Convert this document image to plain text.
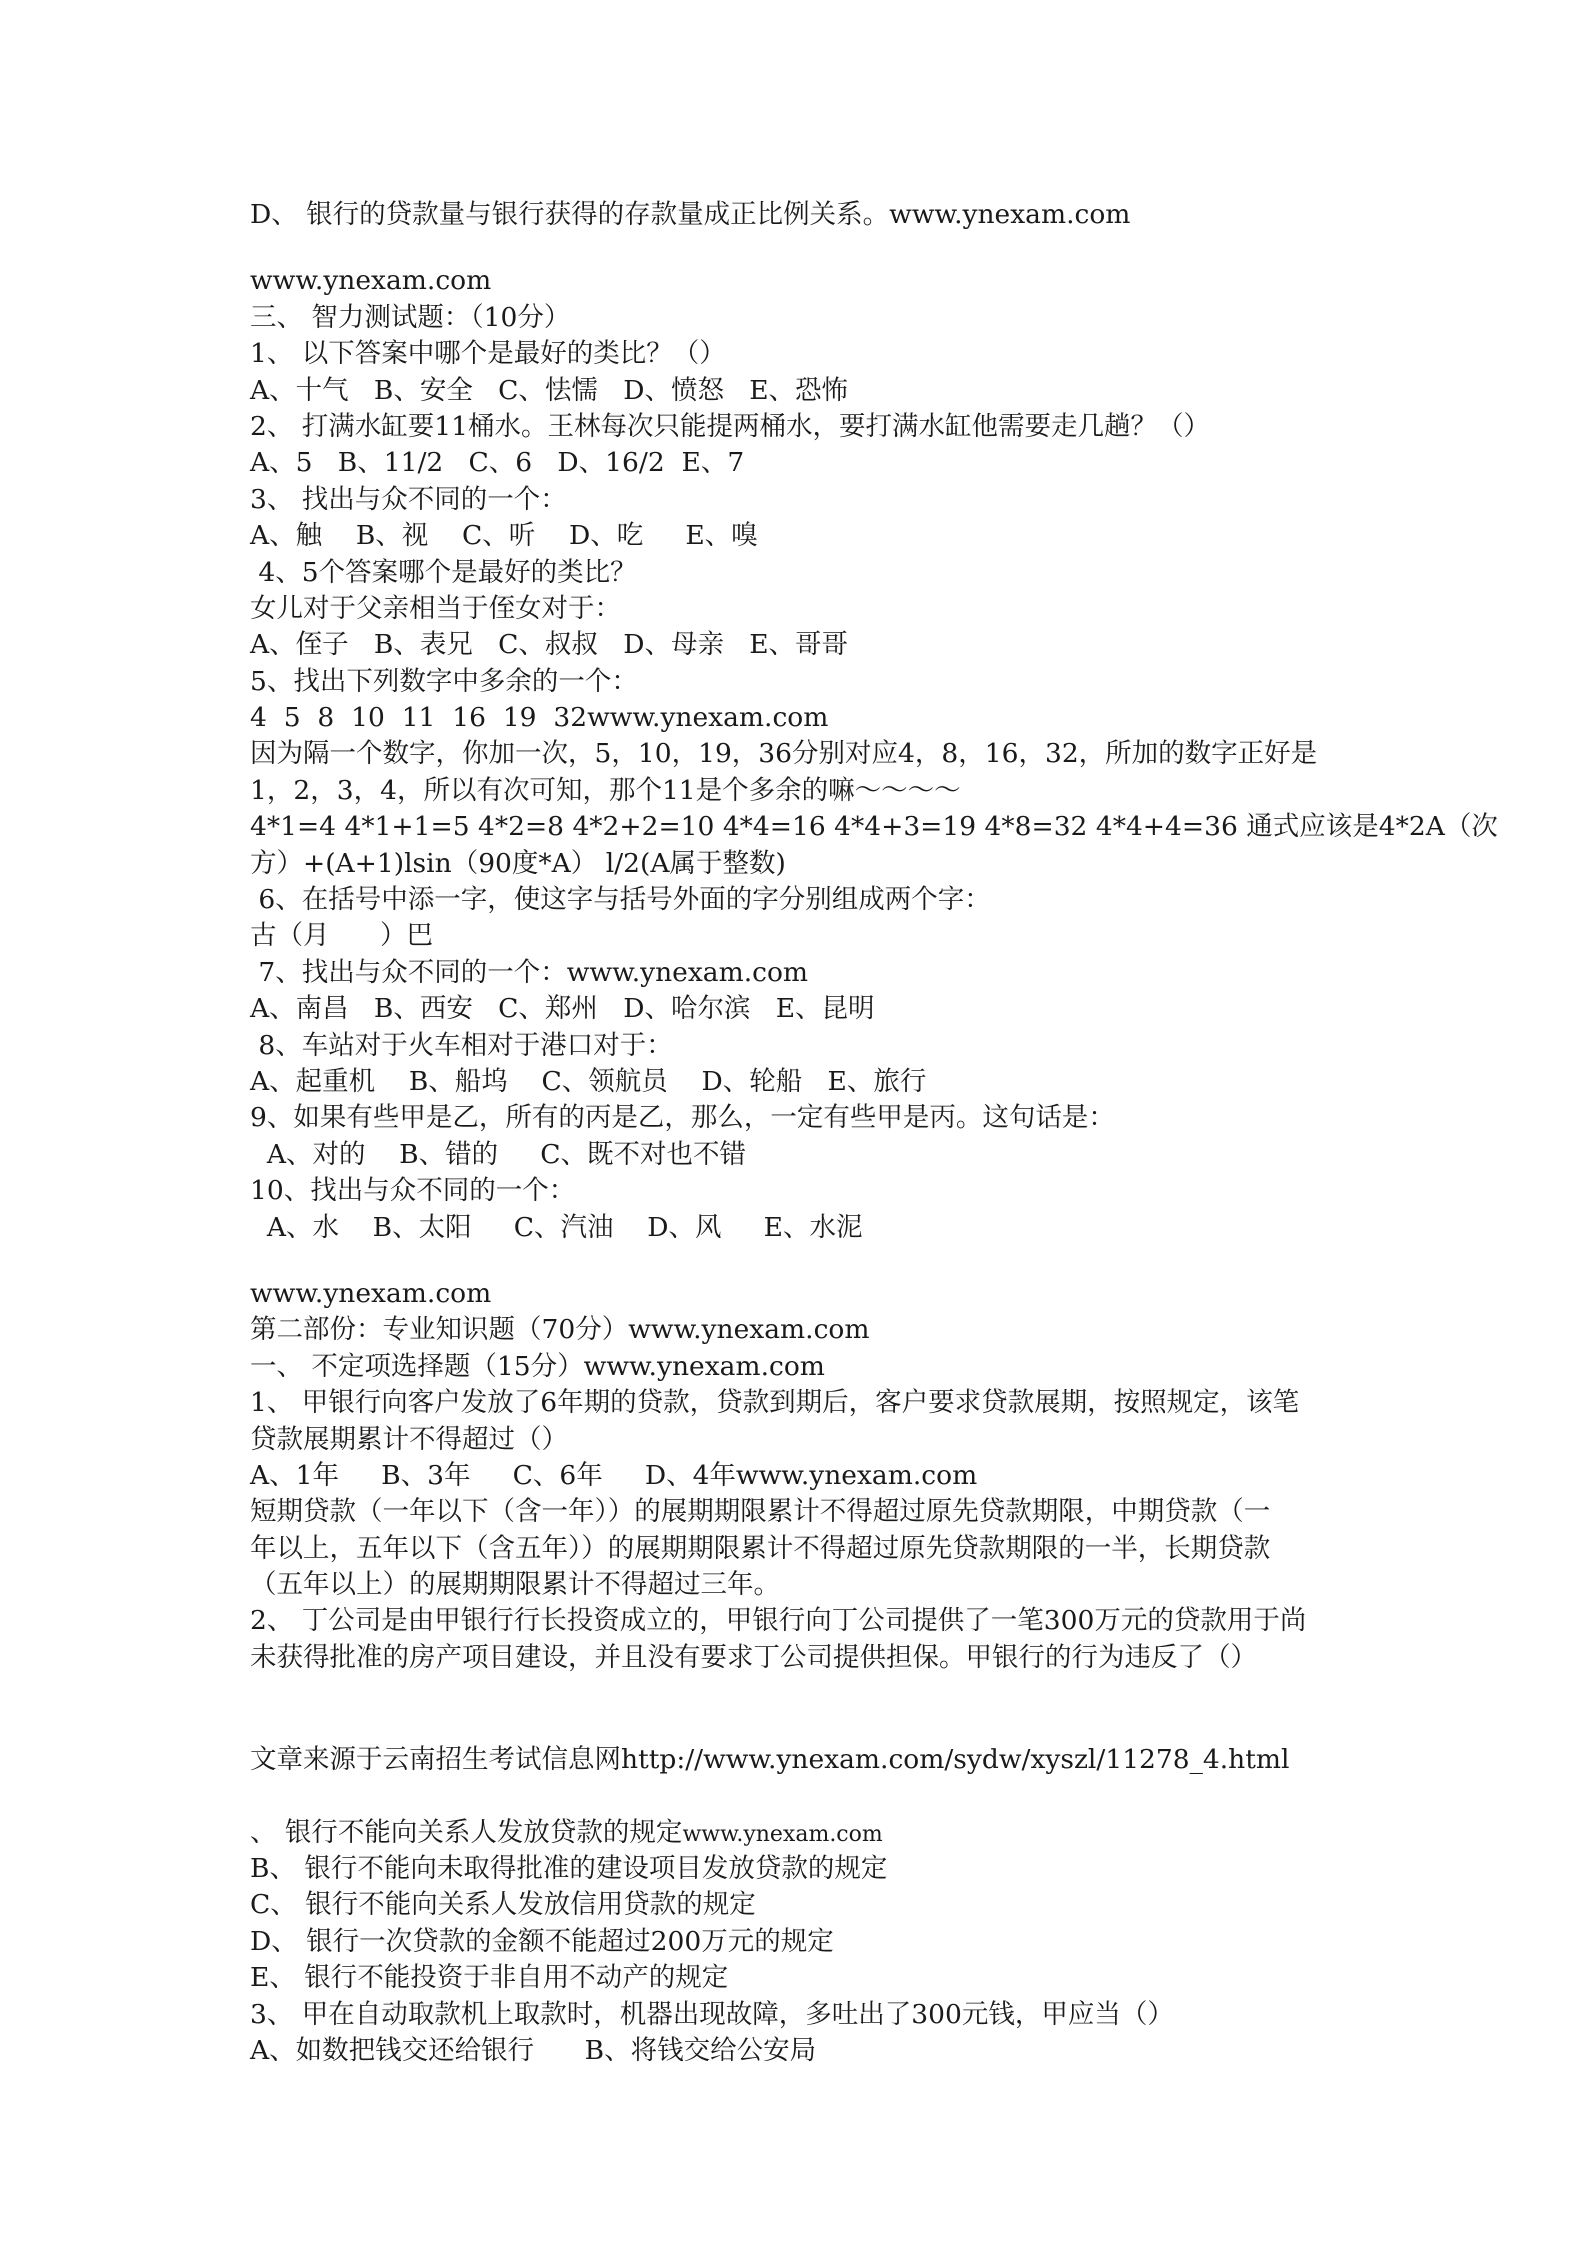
D、 银行的贷款量与银行获得的存款量成正比例关系。www.ynexam.com
www.ynexam.com
三、 智力测试题：（10分）
1、 以下答案中哪个是最好的类比？（）
A、十气   B、安全   C、怯懦   D、愤怒   E、恐怖
2、 打满水缸要11桶水。王林每次只能提两桶水，要打满水缸他需要走几趟？（）
A、5   B、11/2   C、6   D、16/2  E、7
3、 找出与众不同的一个：
A、触    B、视    C、听    D、吃     E、嗅
4、5个答案哪个是最好的类比？
女儿对于父亲相当于侄女对于：
A、侄子   B、表兄   C、叔叔   D、母亲   E、哥哥
5、找出下列数字中多余的一个：
4  5  8  10  11  16  19  32www.ynexam.com
因为隔一个数字，你加一次，5，10，19，36分别对应4，8，16，32，所加的数字正好是
1，2，3，4，所以有次可知，那个11是个多余的嘛～～～～
4*1=4 4*1+1=5 4*2=8 4*2+2=10 4*4=16 4*4+3=19 4*8=32 4*4+4=36 通式应该是4*2A（次
方）+(A+1)lsin（90度*A） l/2(A属于整数)
6、在括号中添一字，使这字与括号外面的字分别组成两个字：
古（月      ）巴
7、找出与众不同的一个：www.ynexam.com
A、南昌   B、西安   C、郑州   D、哈尔滨   E、昆明
8、车站对于火车相对于港口对于：
A、起重机    B、船坞    C、领航员    D、轮船   E、旅行
9、如果有些甲是乙，所有的丙是乙，那么，一定有些甲是丙。这句话是：
A、对的    B、错的     C、既不对也不错
10、找出与众不同的一个：
A、水    B、太阳     C、汽油    D、风     E、水泥
www.ynexam.com
第二部份：专业知识题（70分）www.ynexam.com
一、 不定项选择题（15分）www.ynexam.com
1、 甲银行向客户发放了6年期的贷款，贷款到期后，客户要求贷款展期，按照规定，该笔
贷款展期累计不得超过（）
A、1年     B、3年     C、6年     D、4年www.ynexam.com
短期贷款（一年以下（含一年））的展期期限累计不得超过原先贷款期限，中期贷款（一
年以上，五年以下（含五年））的展期期限累计不得超过原先贷款期限的一半，长期贷款
（五年以上）的展期期限累计不得超过三年。
2、 丁公司是由甲银行行长投资成立的，甲银行向丁公司提供了一笔300万元的贷款用于尚
未获得批准的房产项目建设，并且没有要求丁公司提供担保。甲银行的行为违反了（）
文章来源于云南招生考试信息网http://www.ynexam.com/sydw/xyszl/11278_4.html
、 银行不能向关系人发放贷款的规定www.ynexam.com
B、 银行不能向未取得批准的建设项目发放贷款的规定
C、 银行不能向关系人发放信用贷款的规定
D、 银行一次贷款的金额不能超过200万元的规定
E、 银行不能投资于非自用不动产的规定
3、 甲在自动取款机上取款时，机器出现故障，多吐出了300元钱，甲应当（）
A、如数把钱交还给银行      B、将钱交给公安局
